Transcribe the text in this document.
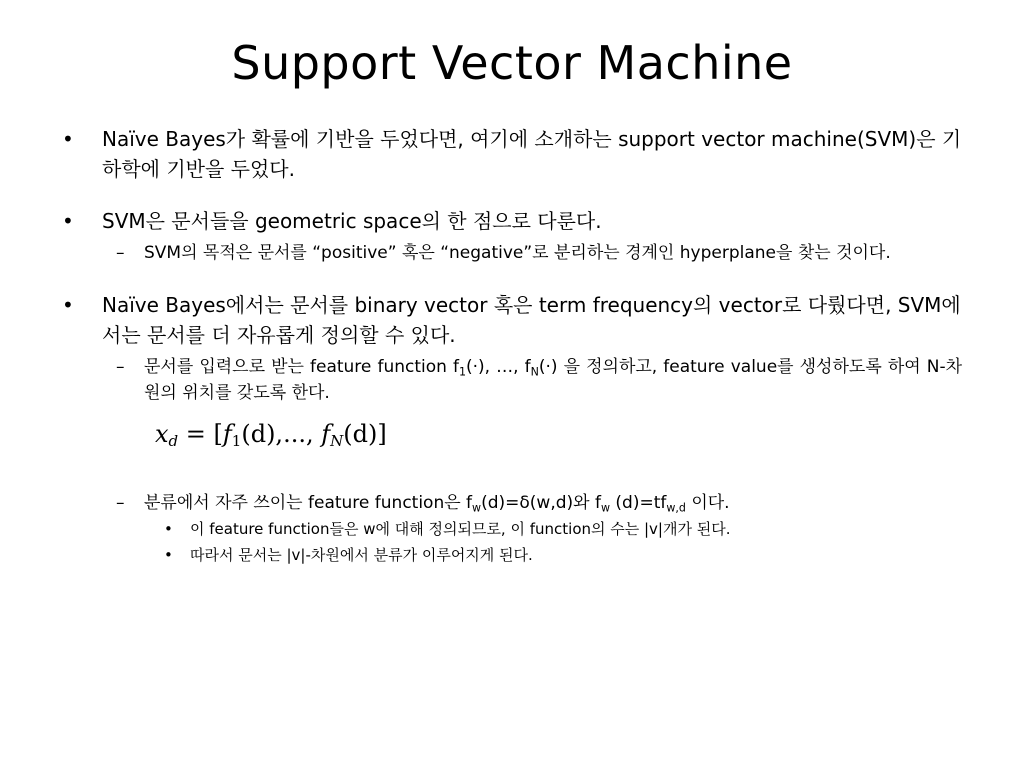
Support Vector Machine
•	Naïve Bayes가 확률에 기반을 두었다면, 여기에 소개하는 support vector machine(SVM)은 기하학에 기반을 두었다.
•	SVM은 문서들을 geometric space의 한 점으로 다룬다.
– SVM의 목적은 문서를 “positive” 혹은 “negative”로 분리하는 경계인 hyperplane을 찾는 것이다.
•	Naïve Bayes에서는 문서를 binary vector 혹은 term frequency의 vector로 다뤘다면, SVM에서는 문서를 더 자유롭게 정의할 수 있다.
– 문서를 입력으로 받는 feature function $f_1(\cdot)$, …, $f_N(\cdot)$ 을 정의하고, feature value를 생성하도록 하여 N-차원의 위치를 갖도록 한다.
xd = [f1(d),..., fN(d)]
– 분류에서 자주 쓰이는 feature function은 $f_w(d)=\delta(w,d)$와 $f_w$ $(d)=tf_{w,d}$ 이다.
• 이 feature function들은 w에 대해 정의되므로, 이 function의 수는 |v|개가 된다.
• 따라서 문서는 |v|-차원에서 분류가 이루어지게 된다.
